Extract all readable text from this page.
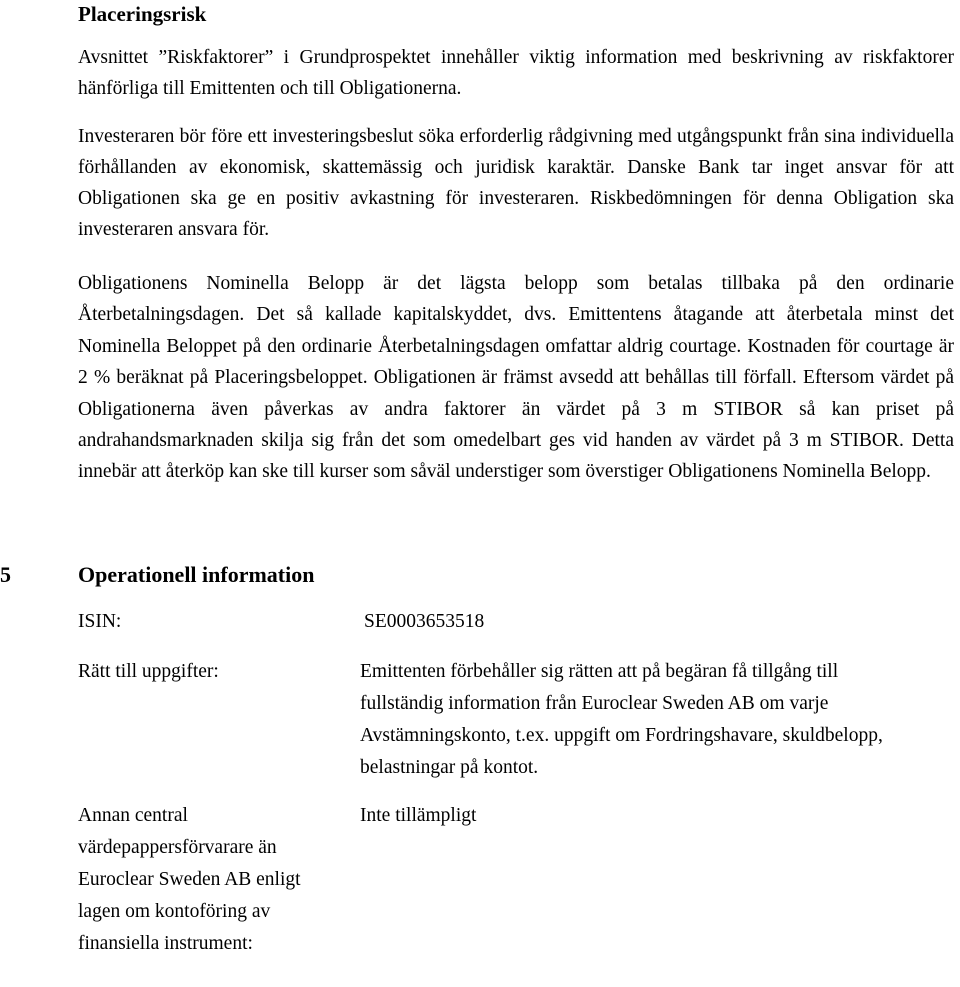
Placeringsrisk

Avsnittet ”Riskfaktorer” i Grundprospektet innehåller viktig information med beskrivning av riskfaktorer hänförliga till Emittenten och till Obligationerna.

Investeraren bör före ett investeringsbeslut söka erforderlig rådgivning med utgångspunkt från sina individuella förhållanden av ekonomisk, skattemässig och juridisk karaktär. Danske Bank tar inget ansvar för att Obligationen ska ge en positiv avkastning för investeraren. Riskbedömningen för denna Obligation ska investeraren ansvara för.

Obligationens Nominella Belopp är det lägsta belopp som betalas tillbaka på den ordinarie Återbetalningsdagen. Det så kallade kapitalskyddet, dvs. Emittentens åtagande att återbetala minst det Nominella Beloppet på den ordinarie Återbetalningsdagen omfattar aldrig courtage. Kostnaden för courtage är 2 % beräknat på Placeringsbeloppet. Obligationen är främst avsedd att behållas till förfall. Eftersom värdet på Obligationerna även påverkas av andra faktorer än värdet på 3 m STIBOR så kan priset på andrahandsmarknaden skilja sig från det som omedelbart ges vid handen av värdet på 3 m STIBOR. Detta innebär att återköp kan ske till kurser som såväl understiger som överstiger Obligationens Nominella Belopp.

5	Operationell information
ISIN:	SE0003653518
Rätt till uppgifter:	Emittenten förbehåller sig rätten att på begäran få tillgång till fullständig information från Euroclear Sweden AB om varje Avstämningskonto, t.ex. uppgift om Fordringshavare, skuldbelopp, belastningar på kontot.
Annan central värdepappersförvarare än Euroclear Sweden AB enligt lagen om kontoföring av finansiella instrument:
Inte tillämpligt
